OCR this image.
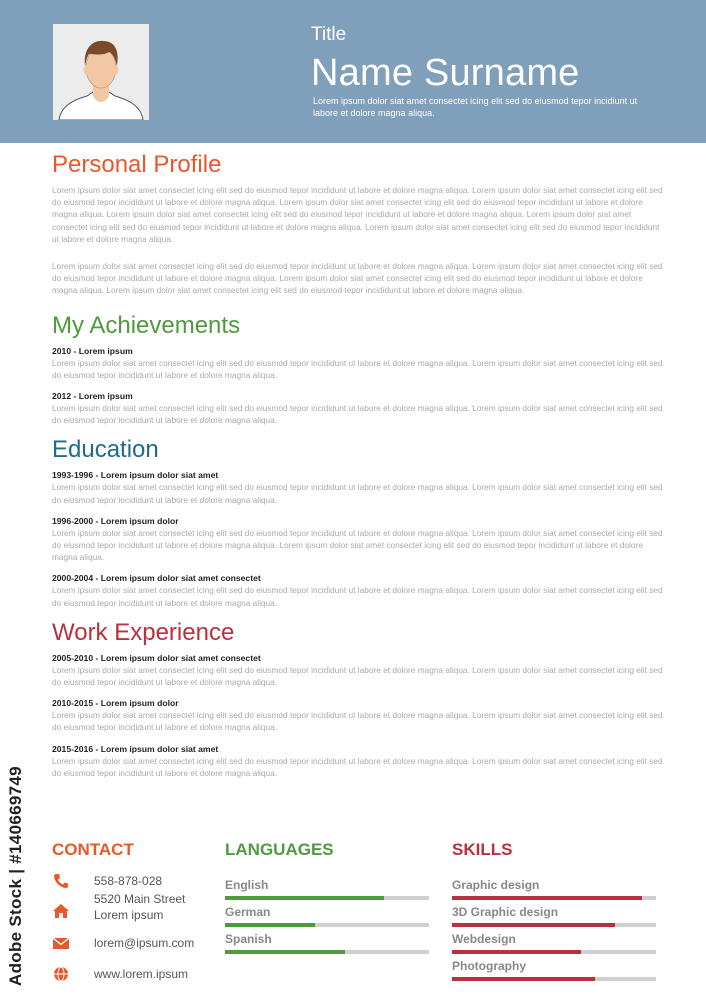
Title
Name Surname
Lorem ipsum dolor siat amet consectet icing elit sed do eiusmod tepor incidiunt ut labore et dolore magna aliqua.
Personal Profile

Lorem ipsum dolor siat amet consectet icing elit sed do eiusmod tepor incididunt ut labore et dolore magna aliqua. Lorem ipsum dolor siat amet consectet icing elit sed do eiusmod tepor incididunt ut labore et dolore magna aliqua. Lorem ipsum dolor siat amet consectet icing elit sed do eiusmod tepor incididunt ut labore et dolore magna aliqua. Lorem ipsum dolor siat amet consectet icing elit sed do eiusmod tepor incididunt ut labore et dolore magna aliqua. Lorem ipsum dolor siat amet consectet icing elit sed do eiusmod tepor incididunt ut labore et dolore magna aliqua. Lorem ipsum dolor siat amet consectet icing elit sed do eiusmod tepor incididunt ut labore et dolore magna aliqua.

Lorem ipsum dolor siat amet consectet icing elit sed do eiusmod tepor incididunt ut labore et dolore magna aliqua. Lorem ipsum dolor siat amet consectet icing elit sed do eiusmod tepor incididunt ut labore et dolore magna aliqua. Lorem ipsum dolor siat amet consectet icing elit sed do eiusmod tepor incididunt ut labore et dolore magna aliqua. Lorem ipsum dolor siat amet consectet icing elit sed do eiusmod tepor incididunt ut labore et dolore magna aliqua.

My Achievements

2010 - Lorem ipsum

Lorem ipsum dolor siat amet consectet icing elit sed do eiusmod tepor incididunt ut labore et dolore magna aliqua. Lorem ipsum dolor siat amet consectet icing elit sed do eiusmod tepor incididunt ut labore et dolore magna aliqua.

2012 - Lorem ipsum

Lorem ipsum dolor siat amet consectet icing elit sed do eiusmod tepor incididunt ut labore et dolore magna aliqua. Lorem ipsum dolor siat amet consectet icing elit sed do eiusmod tepor incididunt ut labore et dolore magna aliqua.

Education

1993-1996 - Lorem ipsum dolor siat amet

Lorem ipsum dolor siat amet consectet icing elit sed do eiusmod tepor incididunt ut labore et dolore magna aliqua. Lorem ipsum dolor siat amet consectet icing elit sed do eiusmod tepor incididunt ut labore et dolore magna aliqua.

1996-2000 - Lorem ipsum dolor

Lorem ipsum dolor siat amet consectet icing elit sed do eiusmod tepor incididunt ut labore et dolore magna aliqua. Lorem ipsum dolor siat amet consectet icing elit sed do eiusmod tepor incididunt ut labore et dolore magna aliqua. Lorem ipsum dolor siat amet consectet icing elit sed do eiusmod tepor incididunt ut labore et dolore magna aliqua.

2000-2004 - Lorem ipsum dolor siat amet consectet

Lorem ipsum dolor siat amet consectet icing elit sed do eiusmod tepor incididunt ut labore et dolore magna aliqua. Lorem ipsum dolor siat amet consectet icing elit sed do eiusmod tepor incididunt ut labore et dolore magna aliqua.

Work Experience

2005-2010 - Lorem ipsum dolor siat amet consectet

Lorem ipsum dolor siat amet consectet icing elit sed do eiusmod tepor incididunt ut labore et dolore magna aliqua. Lorem ipsum dolor siat amet consectet icing elit sed do eiusmod tepor incididunt ut labore et dolore magna aliqua.

2010-2015 - Lorem ipsum dolor

Lorem ipsum dolor siat amet consectet icing elit sed do eiusmod tepor incididunt ut labore et dolore magna aliqua. Lorem ipsum dolor siat amet consectet icing elit sed do eiusmod tepor incididunt ut labore et dolore magna aliqua.

2015-2016 - Lorem ipsum dolor siat amet

Lorem ipsum dolor siat amet consectet icing elit sed do eiusmod tepor incididunt ut labore et dolore magna aliqua. Lorem ipsum dolor siat amet consectet icing elit sed do eiusmod tepor incididunt ut labore et dolore magna aliqua.

CONTACT
558-878-028
5520 Main Street
Lorem ipsum
lorem@ipsum.com
www.lorem.ipsum
LANGUAGES
English
German
Spanish
SKILLS
Graphic design
3D Graphic design
Webdesign
Photography
Adobe Stock | #140669749
